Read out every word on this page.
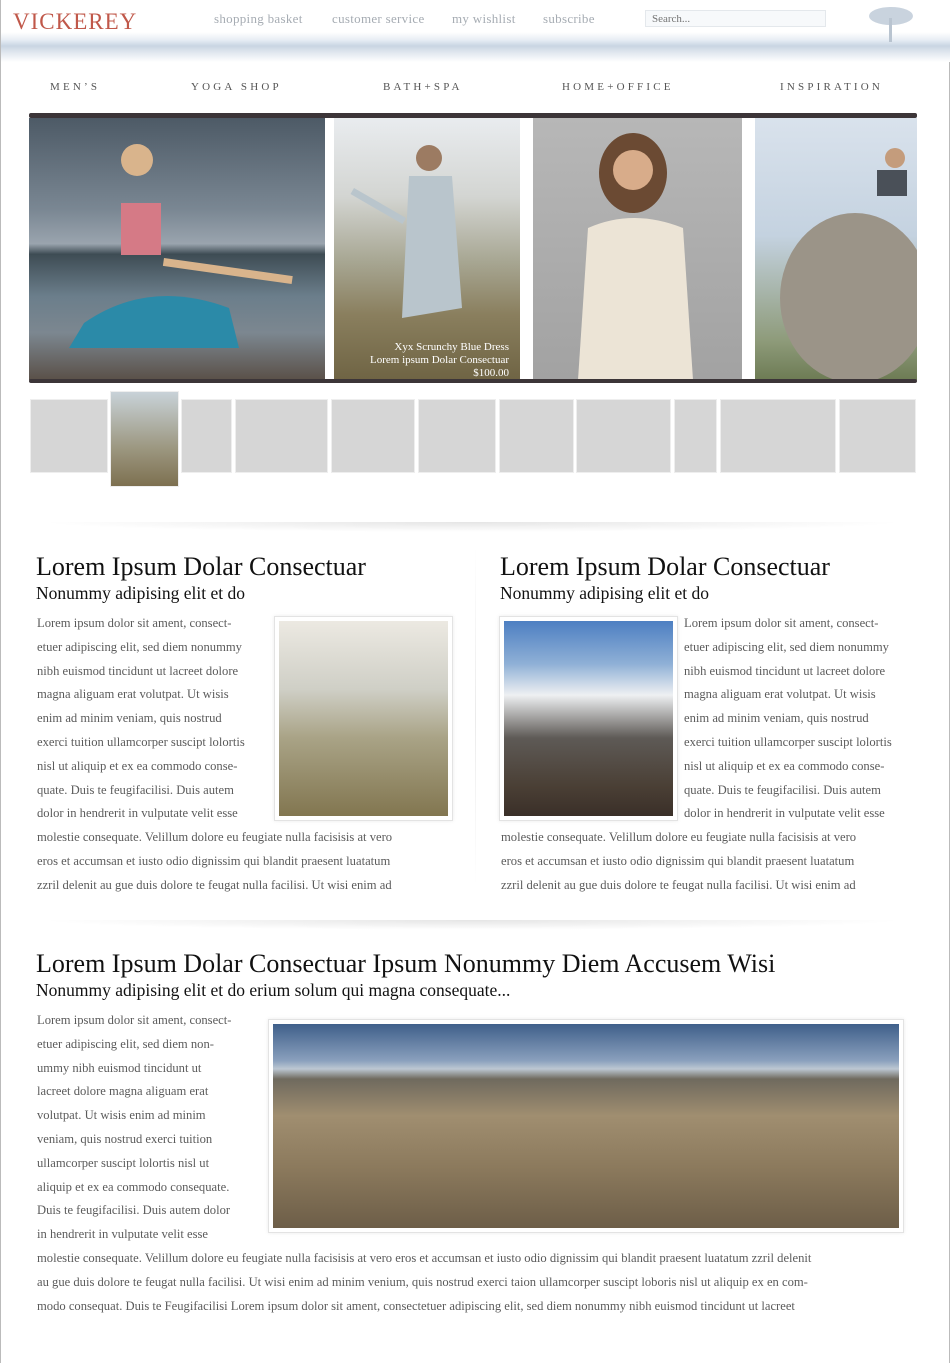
VICKEREY	shopping basket customer service my wishlist subscribe
Search...
MEN’S	YOGA SHOP	BATH+SPA	HOME+OFFICE	INSPIRATION
Xyx Scrunchy Blue Dress
Lorem ipsum Dolar Consectuar
$100.00
Lorem Ipsum Dolar Consectuar
Nonummy adipising elit et do
Lorem ipsum dolor sit ament, consect-
etuer adipiscing elit, sed diem nonummy
nibh euismod tincidunt ut lacreet dolore
magna aliguam erat volutpat. Ut wisis
enim ad minim veniam, quis nostrud
exerci tuition ullamcorper suscipt lolortis
nisl ut aliquip et ex ea commodo conse-
quate. Duis te feugifacilisi. Duis autem
dolor in hendrerit in vulputate velit esse
molestie consequate. Velillum dolore eu feugiate nulla facisisis at vero
eros et accumsan et iusto odio dignissim qui blandit praesent luatatum
zzril delenit au gue duis dolore te feugat nulla facilisi. Ut wisi enim ad
Lorem Ipsum Dolar Consectuar
Nonummy adipising elit et do
Lorem ipsum dolor sit ament, consect-
etuer adipiscing elit, sed diem nonummy
nibh euismod tincidunt ut lacreet dolore
magna aliguam erat volutpat. Ut wisis
enim ad minim veniam, quis nostrud
exerci tuition ullamcorper suscipt lolortis
nisl ut aliquip et ex ea commodo conse-
quate. Duis te feugifacilisi. Duis autem
dolor in hendrerit in vulputate velit esse
molestie consequate. Velillum dolore eu feugiate nulla facisisis at vero
eros et accumsan et iusto odio dignissim qui blandit praesent luatatum
zzril delenit au gue duis dolore te feugat nulla facilisi. Ut wisi enim ad
Lorem Ipsum Dolar Consectuar Ipsum Nonummy Diem Accusem Wisi
Nonummy adipising elit et do erium solum qui magna consequate...
Lorem ipsum dolor sit ament, consect-
etuer adipiscing elit, sed diem non-
ummy nibh euismod tincidunt ut
lacreet dolore magna aliguam erat
volutpat. Ut wisis enim ad minim
veniam, quis nostrud exerci tuition
ullamcorper suscipt lolortis nisl ut
aliquip et ex ea commodo consequate.
Duis te feugifacilisi. Duis autem dolor
in hendrerit in vulputate velit esse
molestie consequate. Velillum dolore eu feugiate nulla facisisis at vero eros et accumsan et iusto odio dignissim qui blandit praesent luatatum zzril delenit
au gue duis dolore te feugat nulla facilisi. Ut wisi enim ad minim venium, quis nostrud exerci taion ullamcorper suscipt loboris nisl ut aliquip ex en com-
modo consequat. Duis te Feugifacilisi Lorem ipsum dolor sit ament, consectetuer adipiscing elit, sed diem nonummy nibh euismod tincidunt ut lacreet
